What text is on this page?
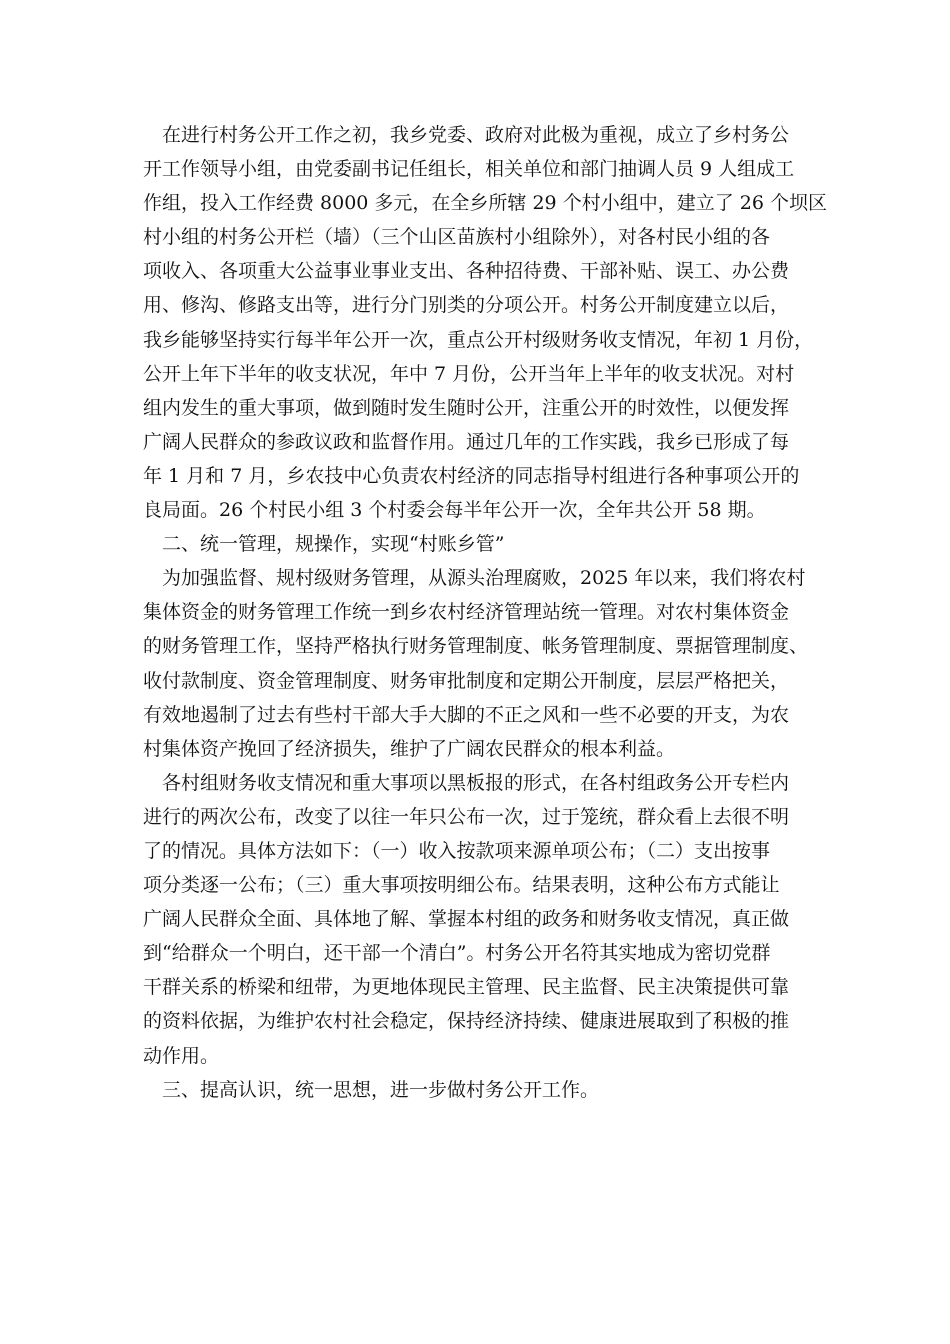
　在进行村务公开工作之初，我乡党委、政府对此极为重视，成立了乡村务公
开工作领导小组，由党委副书记任组长，相关单位和部门抽调人员 9 人组成工
作组，投入工作经费 8000 多元，在全乡所辖 29 个村小组中，建立了 26 个坝区
村小组的村务公开栏（墙）（三个山区苗族村小组除外），对各村民小组的各
项收入、各项重大公益事业事业支出、各种招待费、干部补贴、误工、办公费
用、修沟、修路支出等，进行分门别类的分项公开。村务公开制度建立以后，
我乡能够坚持实行每半年公开一次，重点公开村级财务收支情况，年初 1 月份，
公开上年下半年的收支状况，年中 7 月份，公开当年上半年的收支状况。对村
组内发生的重大事项，做到随时发生随时公开，注重公开的时效性，以便发挥
广阔人民群众的参政议政和监督作用。通过几年的工作实践，我乡已形成了每
年 1 月和 7 月，乡农技中心负责农村经济的同志指导村组进行各种事项公开的
良局面。26 个村民小组 3 个村委会每半年公开一次，全年共公开 58 期。
　二、统一管理，规操作，实现“村账乡管”
　为加强监督、规村级财务管理，从源头治理腐败，2025 年以来，我们将农村
集体资金的财务管理工作统一到乡农村经济管理站统一管理。对农村集体资金
的财务管理工作，坚持严格执行财务管理制度、帐务管理制度、票据管理制度、
收付款制度、资金管理制度、财务审批制度和定期公开制度，层层严格把关，
有效地遏制了过去有些村干部大手大脚的不正之风和一些不必要的开支，为农
村集体资产挽回了经济损失，维护了广阔农民群众的根本利益。
　各村组财务收支情况和重大事项以黑板报的形式，在各村组政务公开专栏内
进行的两次公布，改变了以往一年只公布一次，过于笼统，群众看上去很不明
了的情况。具体方法如下：（一）收入按款项来源单项公布；（二）支出按事
项分类逐一公布；（三）重大事项按明细公布。结果表明，这种公布方式能让
广阔人民群众全面、具体地了解、掌握本村组的政务和财务收支情况，真正做
到“给群众一个明白，还干部一个清白”。村务公开名符其实地成为密切党群
干群关系的桥梁和纽带，为更地体现民主管理、民主监督、民主决策提供可靠
的资料依据，为维护农村社会稳定，保持经济持续、健康进展取到了积极的推
动作用。
　三、提高认识，统一思想，进一步做村务公开工作。
